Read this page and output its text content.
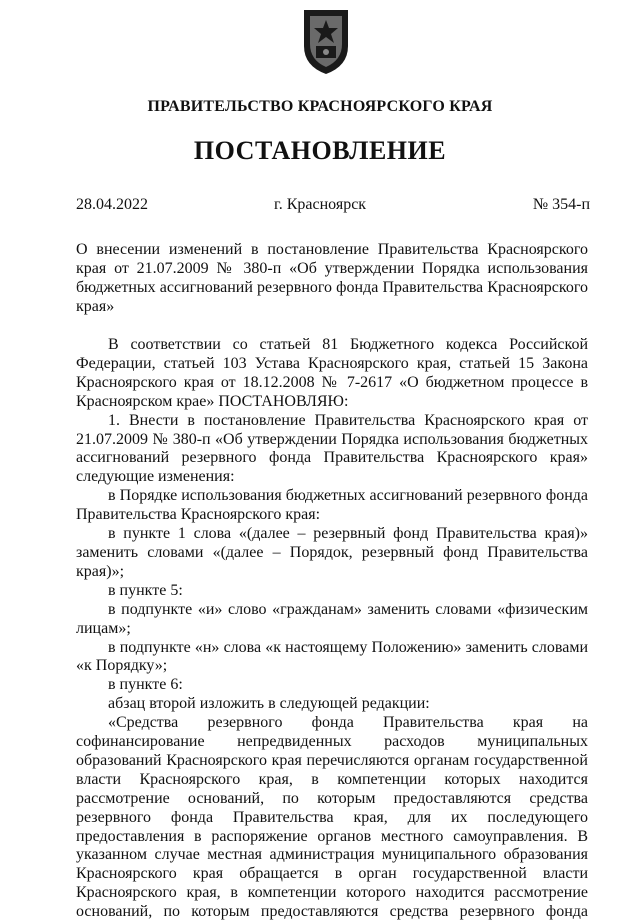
ПРАВИТЕЛЬСТВО КРАСНОЯРСКОГО КРАЯ
ПОСТАНОВЛЕНИЕ
28.04.2022	г. Красноярск	№ 354-п
О внесении изменений в постановление Правительства Красноярского края от 21.07.2009 № 380-п «Об утверждении Порядка использования бюджетных ассигнований резервного фонда Правительства Красноярского края»

В соответствии со статьей 81 Бюджетного кодекса Российской Федерации, статьей 103 Устава Красноярского края, статьей 15 Закона Красноярского края от 18.12.2008 № 7-2617 «О бюджетном процессе в Красноярском крае» ПОСТАНОВЛЯЮ:

1. Внести в постановление Правительства Красноярского края от 21.07.2009 № 380-п «Об утверждении Порядка использования бюджетных ассигнований резервного фонда Правительства Красноярского края» следующие изменения:

в Порядке использования бюджетных ассигнований резервного фонда Правительства Красноярского края:

в пункте 1 слова «(далее – резервный фонд Правительства края)» заменить словами «(далее – Порядок, резервный фонд Правительства края)»;

в пункте 5:

в подпункте «и» слово «гражданам» заменить словами «физическим лицам»;

в подпункте «н» слова «к настоящему Положению» заменить словами «к Порядку»;

в пункте 6:

абзац второй изложить в следующей редакции:

«Средства резервного фонда Правительства края на софинансирование непредвиденных расходов муниципальных образований Красноярского края перечисляются органам государственной власти Красноярского края, в компетенции которых находится рассмотрение оснований, по которым предоставляются средства резервного фонда Правительства края, для их последующего предоставления в распоряжение органов местного самоуправления. В указанном случае местная администрация муниципального образования Красноярского края обращается в орган государственной власти Красноярского края, в компетенции которого находится рассмотрение оснований, по которым предоставляются средства резервного фонда
